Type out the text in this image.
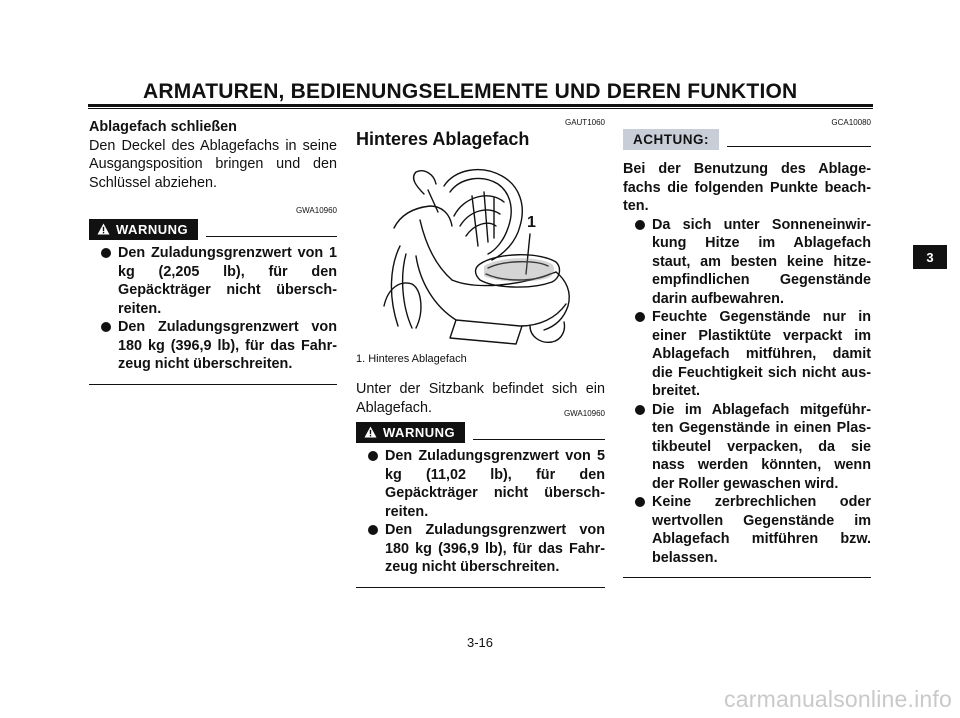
ARMATUREN, BEDIENUNGSELEMENTE UND DEREN FUNKTION

Ablagefach schließen

Den Deckel des Ablagefachs in seine

Ausgangsposition bringen und den

Schlüssel abziehen.

GWA10960

WARNUNG
Den Zuladungsgrenzwert von 1
kg (2,205 lb), für den
Gepäckträger nicht übersch-
reiten.
Den Zuladungsgrenzwert von
180 kg (396,9 lb), für das Fahr-
zeug nicht überschreiten.

GAUT1060

Hinteres Ablagefach

1

1. Hinteres Ablagefach

Unter der Sitzbank befindet sich ein

Ablagefach.	GWA10960

WARNUNG
Den Zuladungsgrenzwert von 5
kg (11,02 lb), für den
Gepäckträger nicht übersch-
reiten.
Den Zuladungsgrenzwert von
180 kg (396,9 lb), für das Fahr-
zeug nicht überschreiten.

GCA10080

ACHTUNG:
Bei der Benutzung des Ablage-
fachs die folgenden Punkte beach-
ten.
Da sich unter Sonneneinwir-
kung Hitze im Ablagefach
staut, am besten keine hitze-
empfindlichen Gegenstände
darin aufbewahren.
Feuchte Gegenstände nur in
einer Plastiktüte verpackt im
Ablagefach mitführen, damit
die Feuchtigkeit sich nicht aus-
breitet.
Die im Ablagefach mitgeführ-
ten Gegenstände in einen Plas-
tikbeutel verpacken, da sie
nass werden könnten, wenn
der Roller gewaschen wird.
Keine zerbrechlichen oder
wertvollen Gegenstände im
Ablagefach mitführen bzw.
belassen.
3
3-16
carmanualsonline.info
